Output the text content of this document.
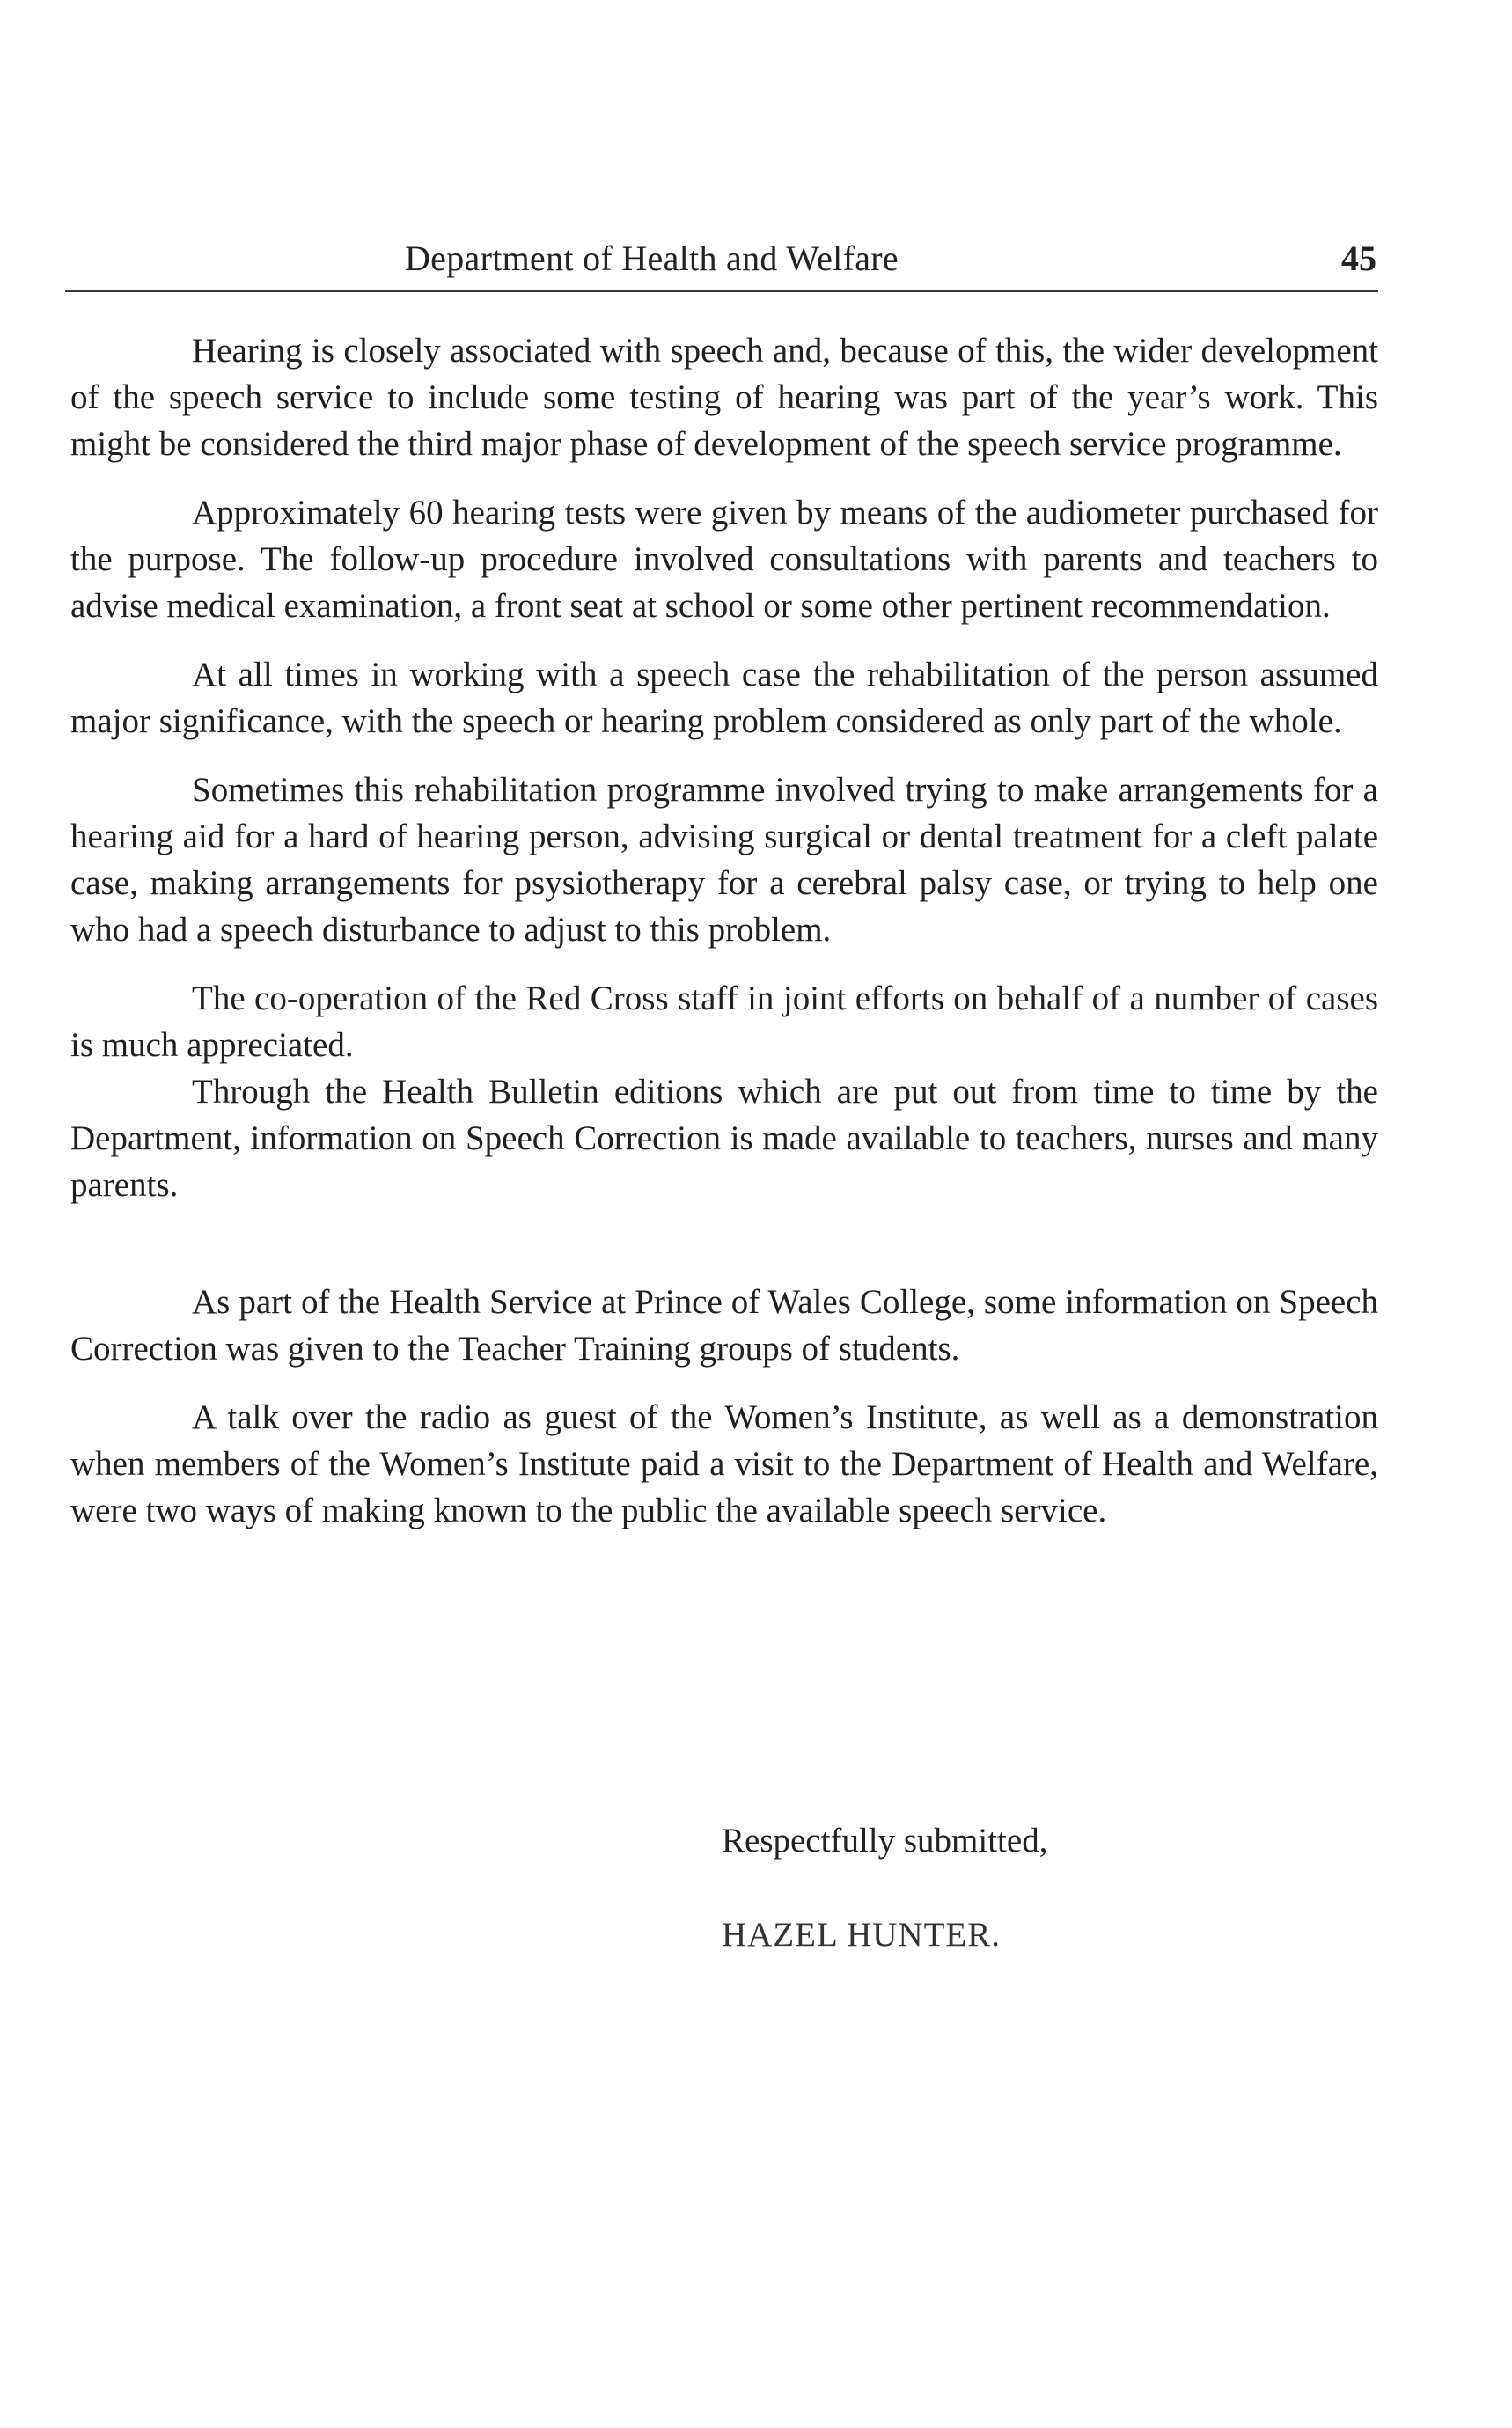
Department of Health and Welfare	45

Hearing is closely associated with speech and, because of this, the wider development of the speech service to include some testing of hearing was part of the year’s work. This might be considered the third major phase of development of the speech service programme.

Approximately 60 hearing tests were given by means of the audiometer purchased for the purpose. The follow-up procedure involved consultations with parents and teachers to advise medical examination, a front seat at school or some other pertinent recommendation.

At all times in working with a speech case the rehabilitation of the person assumed major significance, with the speech or hearing problem considered as only part of the whole.

Sometimes this rehabilitation programme involved trying to make arrangements for a hearing aid for a hard of hearing person, advising surgical or dental treatment for a cleft palate case, making arrangements for psysiotherapy for a cerebral palsy case, or trying to help one who had a speech disturbance to adjust to this problem.

The co-operation of the Red Cross staff in joint efforts on behalf of a number of cases is much appreciated.

Through the Health Bulletin editions which are put out from time to time by the Department, information on Speech Correction is made available to teachers, nurses and many parents.

As part of the Health Service at Prince of Wales College, some information on Speech Correction was given to the Teacher Training groups of students.

A talk over the radio as guest of the Women’s Institute, as well as a demonstration when members of the Women’s Institute paid a visit to the Department of Health and Welfare, were two ways of making known to the public the available speech service.

Respectfully submitted,
HAZEL HUNTER.
